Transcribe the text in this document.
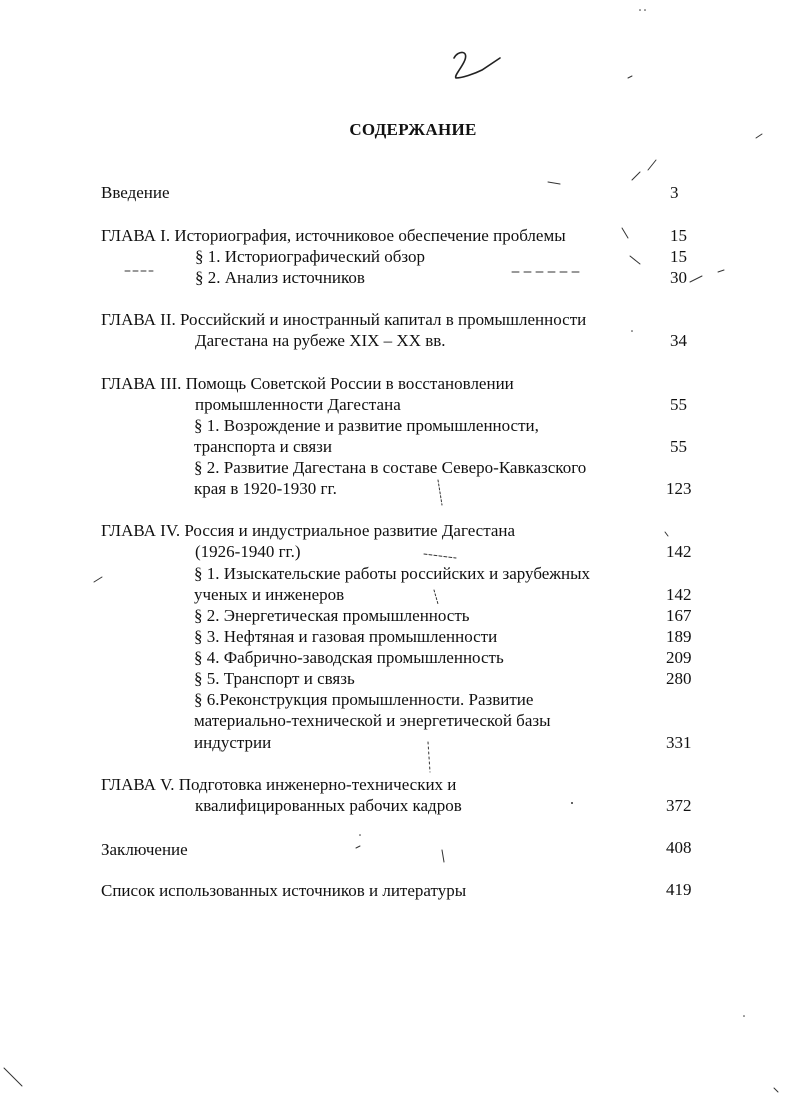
СОДЕРЖАНИЕ
Введение	3
ГЛАВА I. Историография, источниковое обеспечение проблемы	15
§ 1. Историографический обзор	15
§ 2. Анализ источников	30
ГЛАВА II. Российский и иностранный капитал в промышленности
Дагестана на рубеже XIX – XX вв.	34
ГЛАВА III. Помощь Советской России в восстановлении
промышленности Дагестана	55
§ 1. Возрождение и развитие промышленности,
транспорта и связи	55
§ 2. Развитие Дагестана в составе Северо-Кавказского
края в 1920-1930 гг.	123
ГЛАВА IV. Россия и индустриальное развитие Дагестана
(1926-1940 гг.)	142
§ 1. Изыскательские работы российских и зарубежных
ученых и инженеров	142
§ 2. Энергетическая промышленность	167
§ 3. Нефтяная и газовая промышленности	189
§ 4. Фабрично-заводская промышленность	209
§ 5. Транспорт и связь	280
§ 6.Реконструкция промышленности. Развитие
материально-технической и энергетической базы
индустрии	331
ГЛАВА V. Подготовка инженерно-технических и
квалифицированных рабочих кадров	372
Заключение	408
Список использованных источников и литературы	419
